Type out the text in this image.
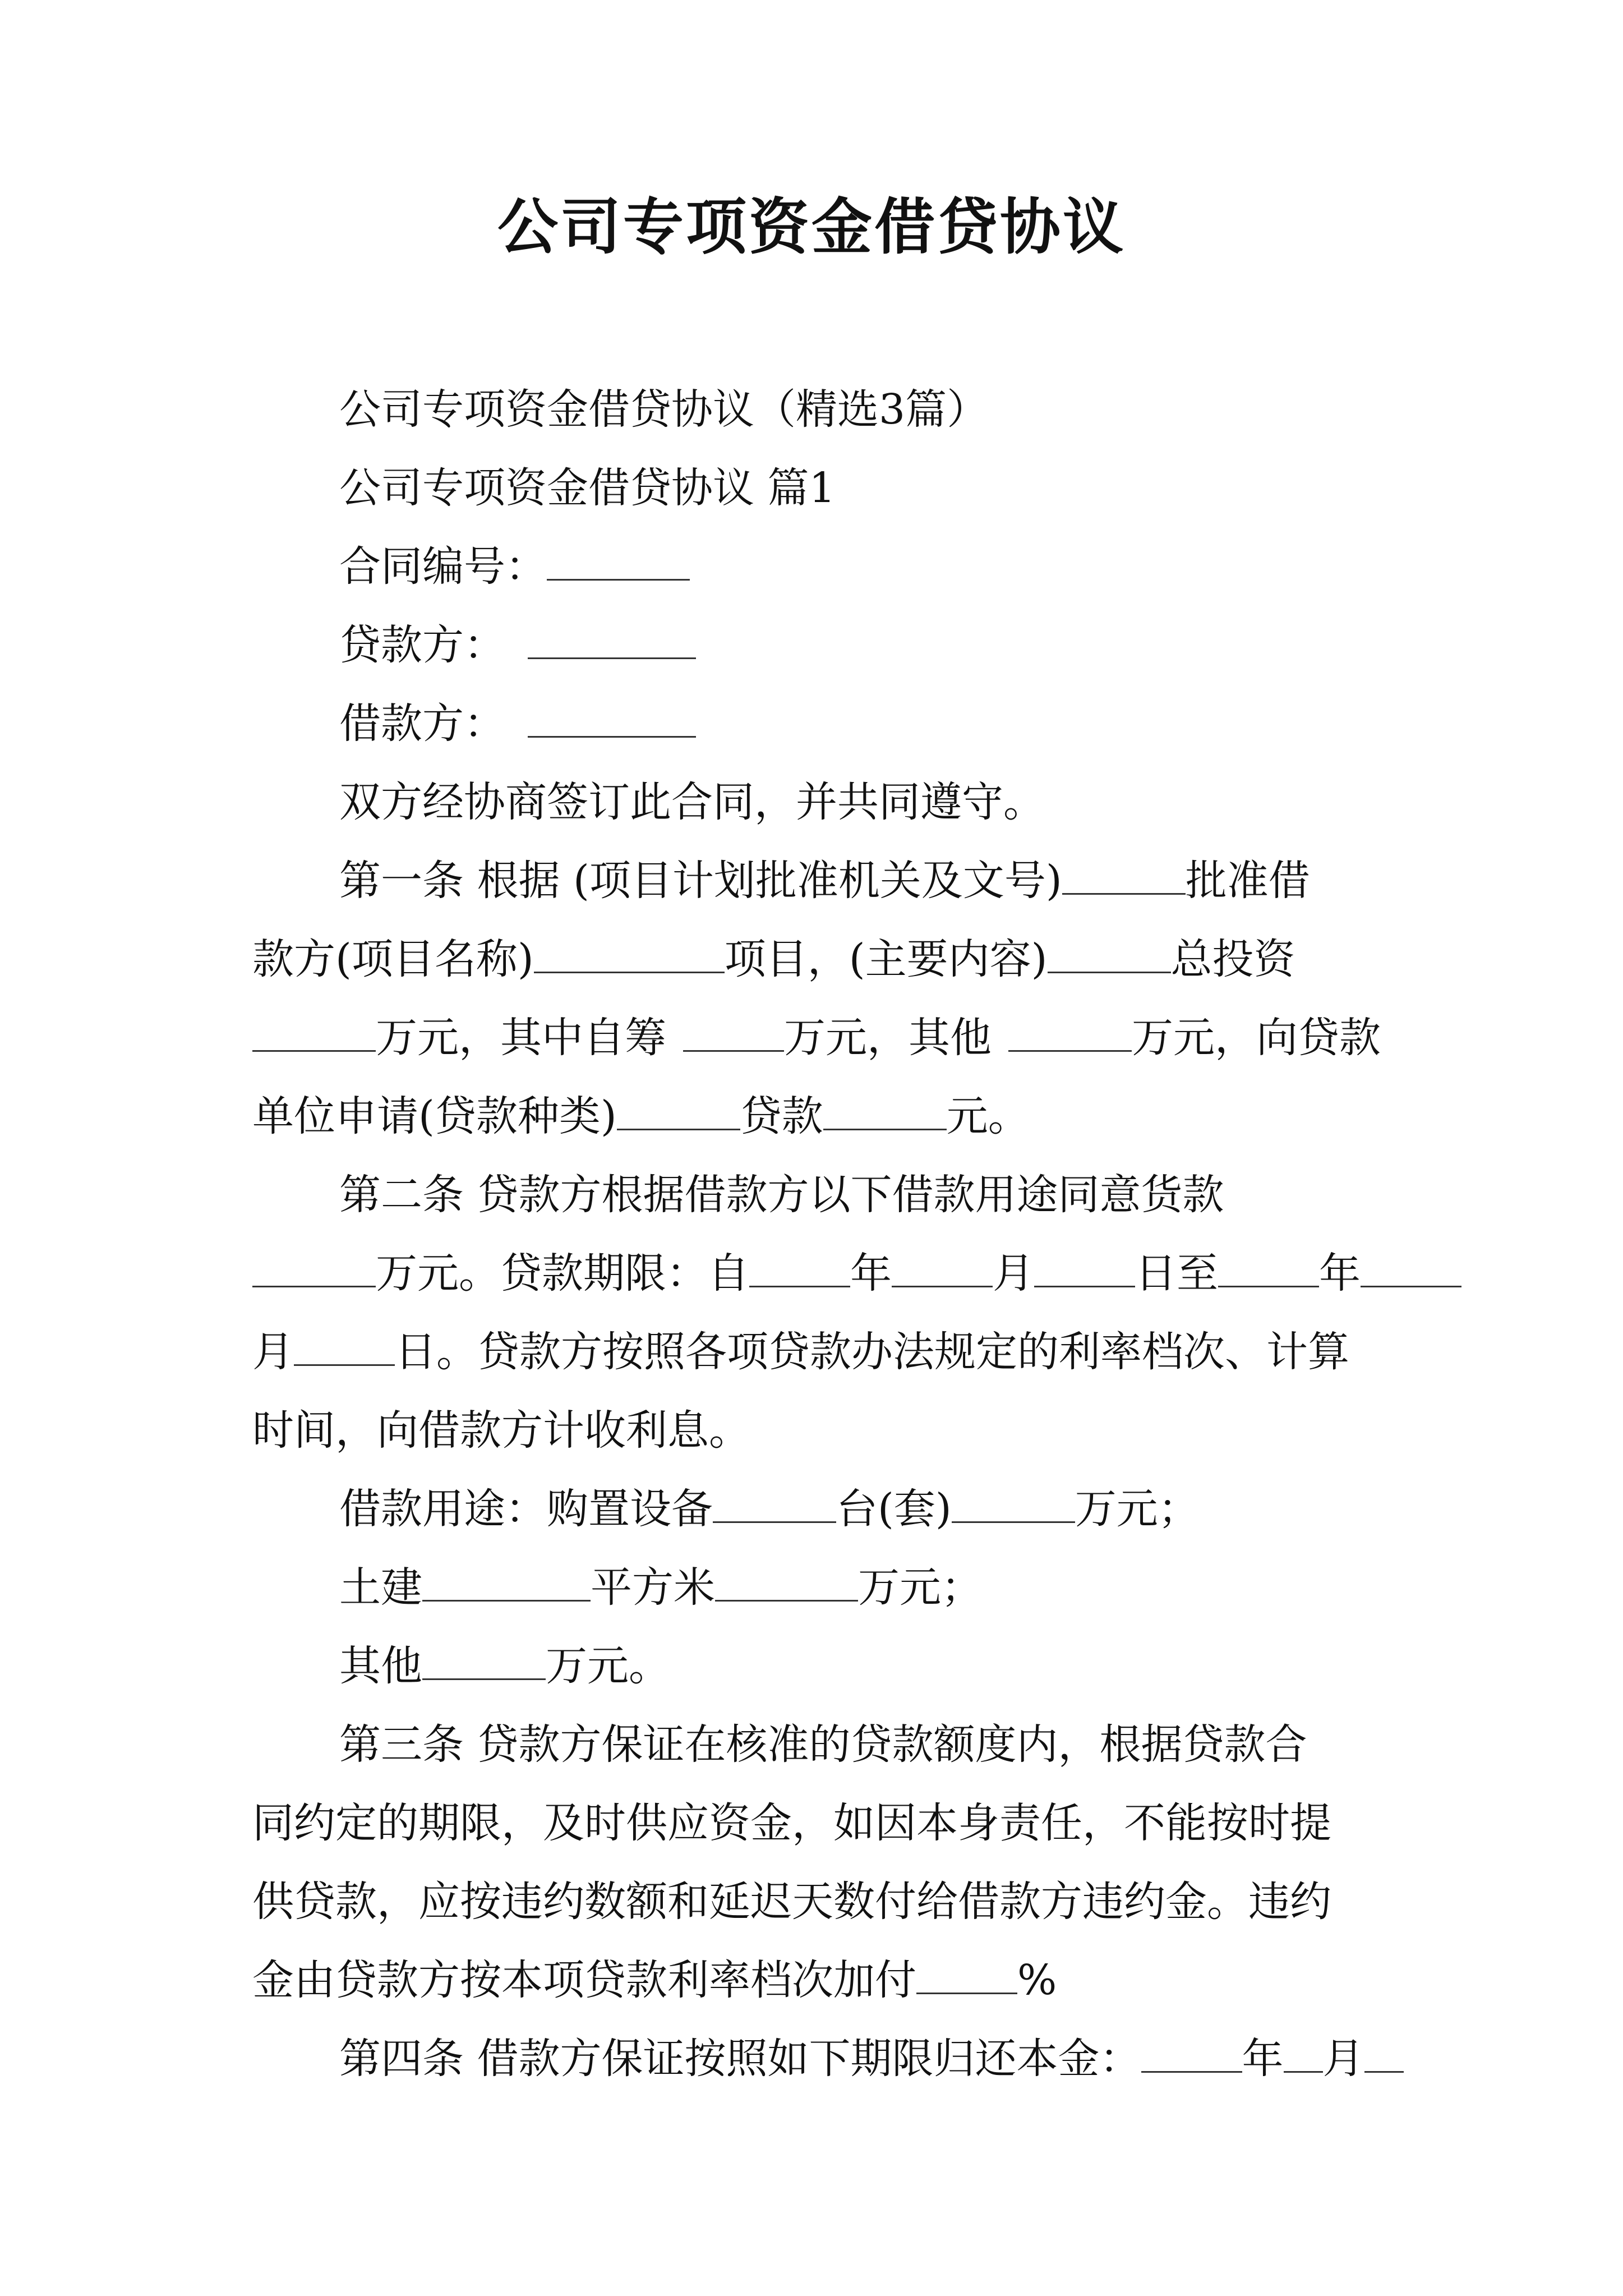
公司专项资金借贷协议

公司专项资金借贷协议（精选3篇）

公司专项资金借贷协议 篇1

合同编号：

贷款方：

借款方：

双方经协商签订此合同，并共同遵守。

第一条 根据 (项目计划批准机关及文号)	批准借

款方(项目名称)	项目，(主要内容)	总投资

万元，其中自筹	万元，其他	万元，向贷款

单位申请(贷款种类)	贷款	元。

第二条 贷款方根据借款方以下借款用途同意货款

万元。贷款期限：自 年 月 日至 年

月 日。贷款方按照各项贷款办法规定的利率档次、计算

时间，向借款方计收利息。

借款用途：购置设备	台(套)	万元；

土建	平方米	万元；

其他	万元。

第三条 贷款方保证在核准的贷款额度内，根据贷款合

同约定的期限，及时供应资金，如因本身责任，不能按时提

供贷款，应按违约数额和延迟天数付给借款方违约金。违约

金由贷款方按本项贷款利率档次加付 %

第四条 借款方保证按照如下期限归还本金： 年 月
